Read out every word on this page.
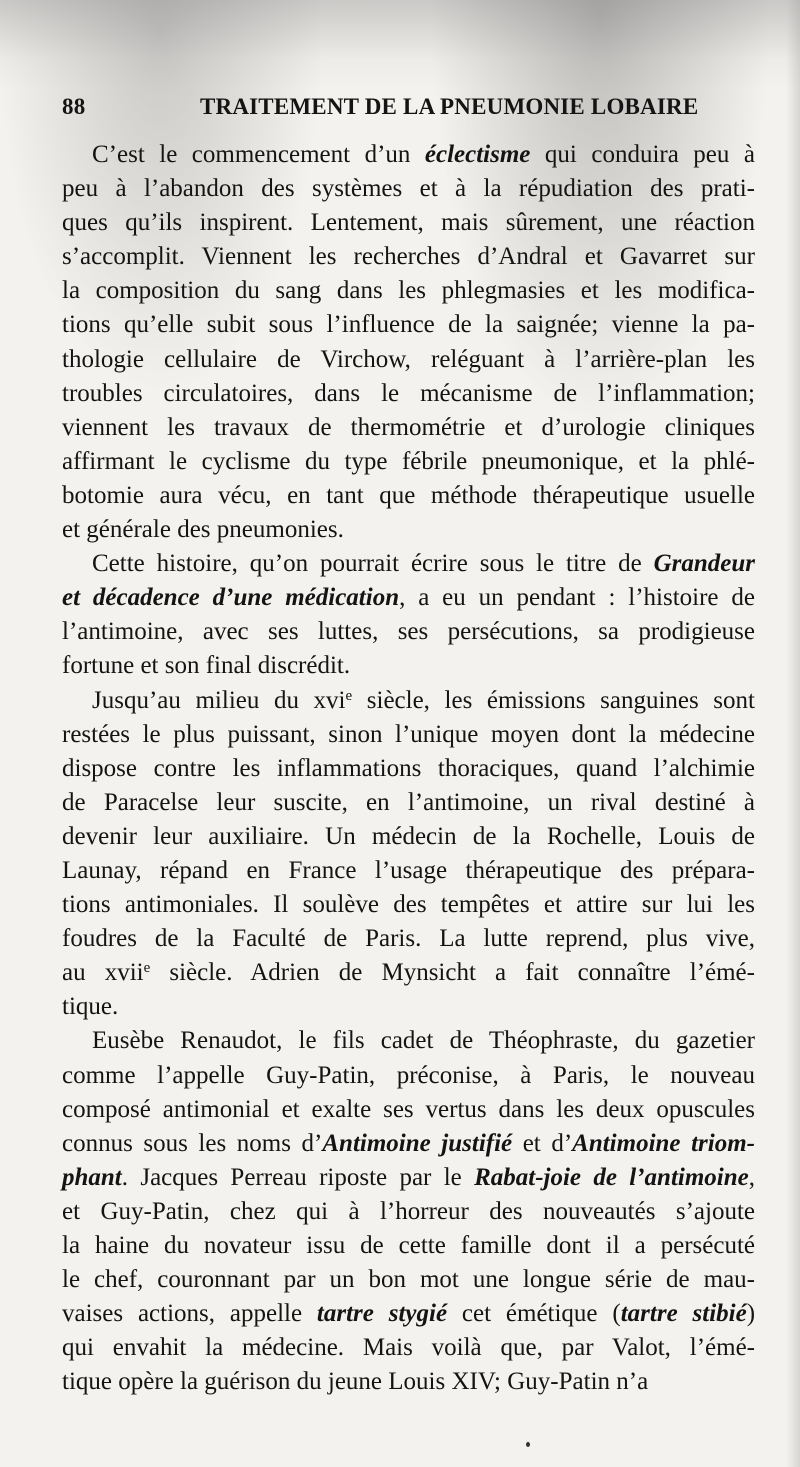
88	TRAITEMENT DE LA PNEUMONIE LOBAIRE
C’est le commencement d’un éclectisme qui conduira peu à
peu à l’abandon des systèmes et à la répudiation des prati-
ques qu’ils inspirent. Lentement, mais sûrement, une réaction
s’accomplit. Viennent les recherches d’Andral et Gavarret sur
la composition du sang dans les phlegmasies et les modifica-
tions qu’elle subit sous l’influence de la saignée; vienne la pa-
thologie cellulaire de Virchow, reléguant à l’arrière-plan les
troubles circulatoires, dans le mécanisme de l’inflammation;
viennent les travaux de thermométrie et d’urologie cliniques
affirmant le cyclisme du type fébrile pneumonique, et la phlé-
botomie aura vécu, en tant que méthode thérapeutique usuelle
et générale des pneumonies.
Cette histoire, qu’on pourrait écrire sous le titre de Grandeur
et décadence d’une médication, a eu un pendant : l’histoire de
l’antimoine, avec ses luttes, ses persécutions, sa prodigieuse
fortune et son final discrédit.
Jusqu’au milieu du xvi$^e$ siècle, les émissions sanguines sont
restées le plus puissant, sinon l’unique moyen dont la médecine
dispose contre les inflammations thoraciques, quand l’alchimie
de Paracelse leur suscite, en l’antimoine, un rival destiné à
devenir leur auxiliaire. Un médecin de la Rochelle, Louis de
Launay, répand en France l’usage thérapeutique des prépara-
tions antimoniales. Il soulève des tempêtes et attire sur lui les
foudres de la Faculté de Paris. La lutte reprend, plus vive,
au xvii$^e$ siècle. Adrien de Mynsicht a fait connaître l’émé-
tique.
Eusèbe Renaudot, le fils cadet de Théophraste, du gazetier
comme l’appelle Guy-Patin, préconise, à Paris, le nouveau
composé antimonial et exalte ses vertus dans les deux opuscules
connus sous les noms d’Antimoine justifié et d’Antimoine triom-
phant. Jacques Perreau riposte par le Rabat-joie de l’antimoine,
et Guy-Patin, chez qui à l’horreur des nouveautés s’ajoute
la haine du novateur issu de cette famille dont il a persécuté
le chef, couronnant par un bon mot une longue série de mau-
vaises actions, appelle tartre stygié cet émétique (tartre stibié)
qui envahit la médecine. Mais voilà que, par Valot, l’émé-
tique opère la guérison du jeune Louis XIV; Guy-Patin n’a
